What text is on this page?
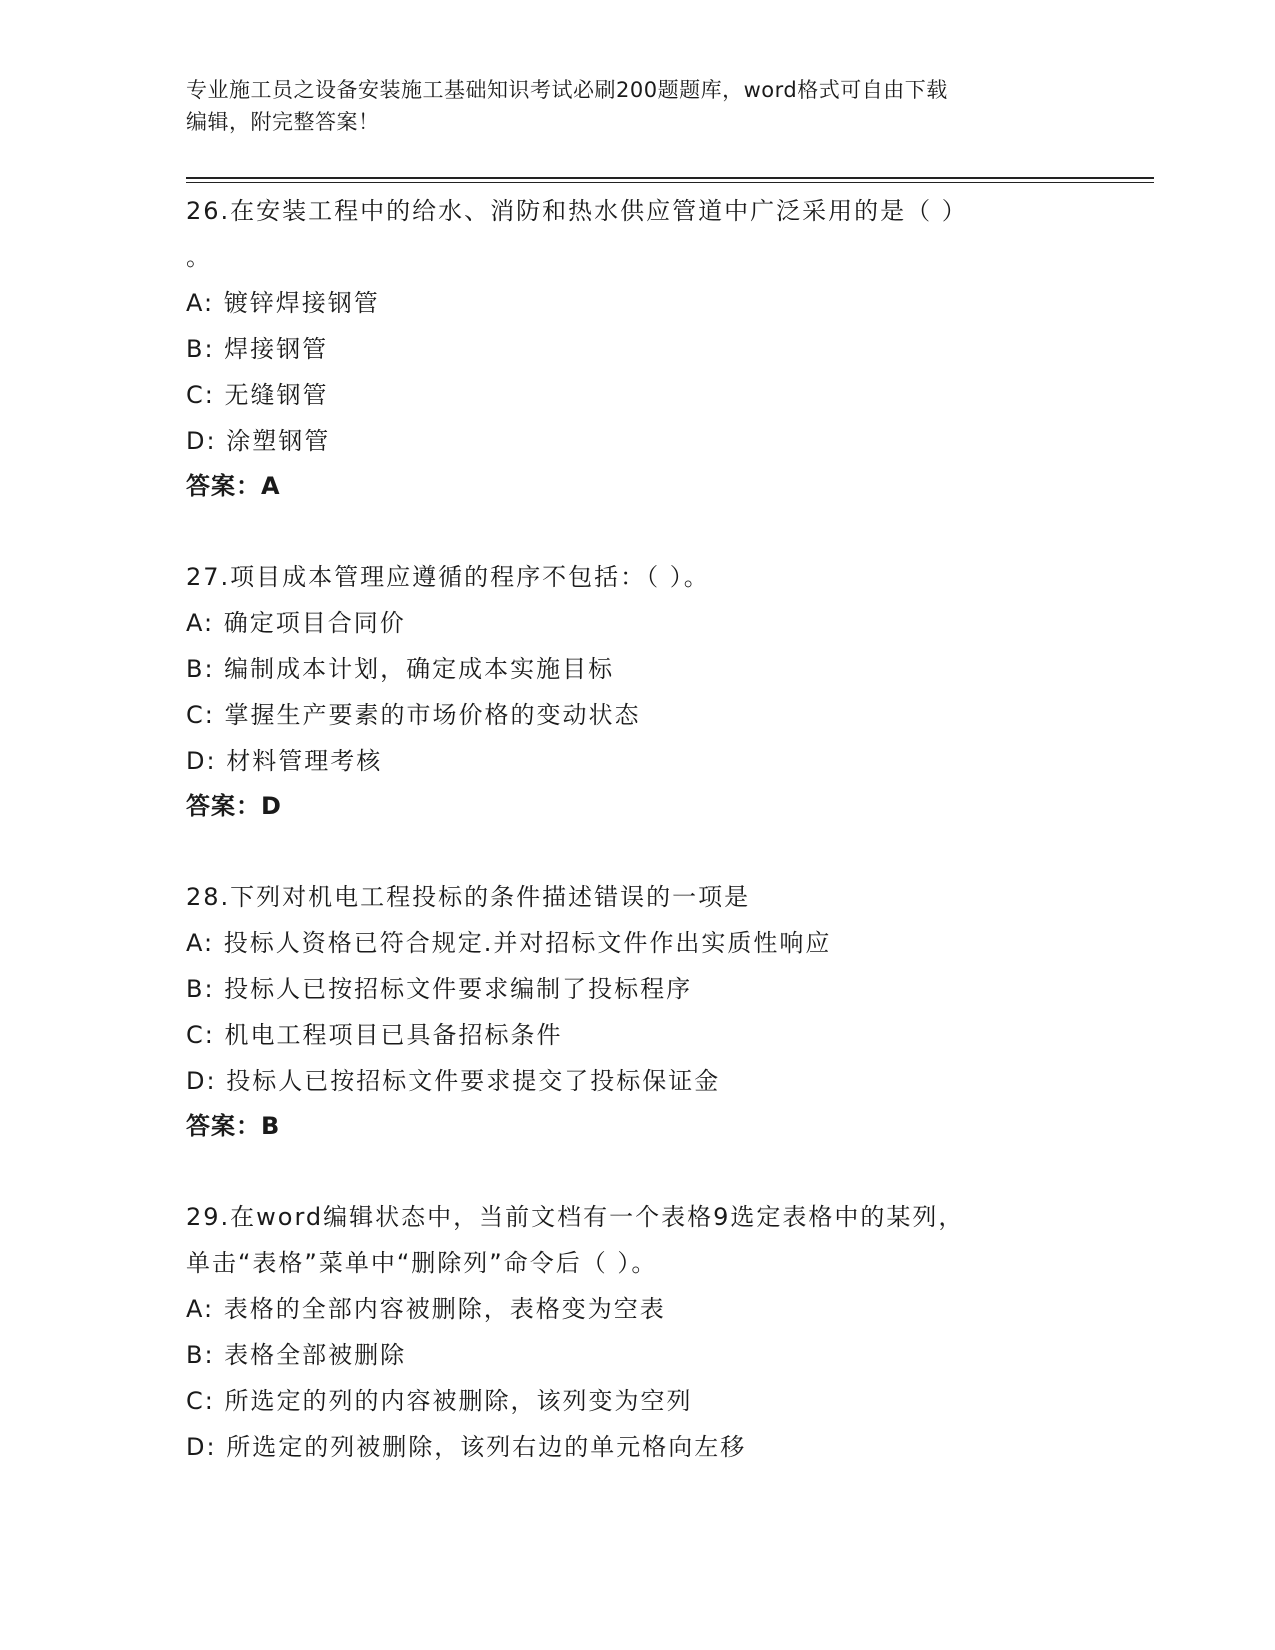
专业施工员之设备安装施工基础知识考试必刷200题题库，word格式可自由下载
编辑，附完整答案！
26.在安装工程中的给水、消防和热水供应管道中广泛采用的是（ ）
。
A: 镀锌焊接钢管
B: 焊接钢管
C: 无缝钢管
D: 涂塑钢管
答案：A
27.项目成本管理应遵循的程序不包括：（ ）。
A: 确定项目合同价
B: 编制成本计划，确定成本实施目标
C: 掌握生产要素的市场价格的变动状态
D: 材料管理考核
答案：D
28.下列对机电工程投标的条件描述错误的一项是
A: 投标人资格已符合规定.并对招标文件作出实质性响应
B: 投标人已按招标文件要求编制了投标程序
C: 机电工程项目已具备招标条件
D: 投标人已按招标文件要求提交了投标保证金
答案：B
29.在word编辑状态中，当前文档有一个表格9选定表格中的某列，
单击“表格”菜单中“删除列”命令后（ ）。
A: 表格的全部内容被删除，表格变为空表
B: 表格全部被删除
C: 所选定的列的内容被删除，该列变为空列
D: 所选定的列被删除，该列右边的单元格向左移
